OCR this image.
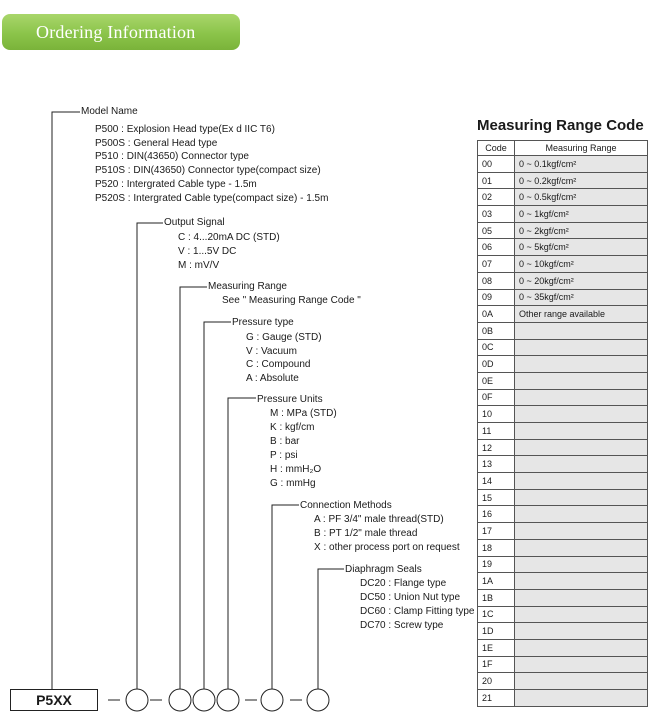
Ordering Information
P5XX
Model Name
P500 : Explosion Head type(Ex d IIC T6)
P500S : General Head type
P510 : DIN(43650) Connector type
P510S : DIN(43650) Connector type(compact size)
P520 : Intergrated Cable type - 1.5m
P520S : Intergrated Cable type(compact size) - 1.5m
Output Signal
C : 4...20mA DC (STD)
V : 1...5V DC
M : mV/V
Measuring Range
See " Measuring Range Code "
Pressure type
G : Gauge (STD)
V : Vacuum
C : Compound
A : Absolute
Pressure Units
M : MPa (STD)
K : kgf/cm
B : bar
P : psi
H : mmH₂O
G : mmHg
Connection Methods
A : PF 3/4" male thread(STD)
B : PT 1/2" male thread
X : other process port on request
Diaphragm Seals
DC20 : Flange type
DC50 : Union Nut type
DC60 : Clamp Fitting type
DC70 : Screw type
Measuring Range Code
Code	Measuring Range
00	0 ~ 0.1kgf/cm²
01	0 ~ 0.2kgf/cm²
02	0 ~ 0.5kgf/cm²
03	0 ~ 1kgf/cm²
05	0 ~ 2kgf/cm²
06	0 ~ 5kgf/cm²
07	0 ~ 10kgf/cm²
08	0 ~ 20kgf/cm²
09	0 ~ 35kgf/cm²
0A	Other range available
0B	
0C	
0D	
0E	
0F	
10	
11	
12	
13	
14	
15	
16	
17	
18	
19	
1A	
1B	
1C	
1D	
1E	
1F	
20	
21	
